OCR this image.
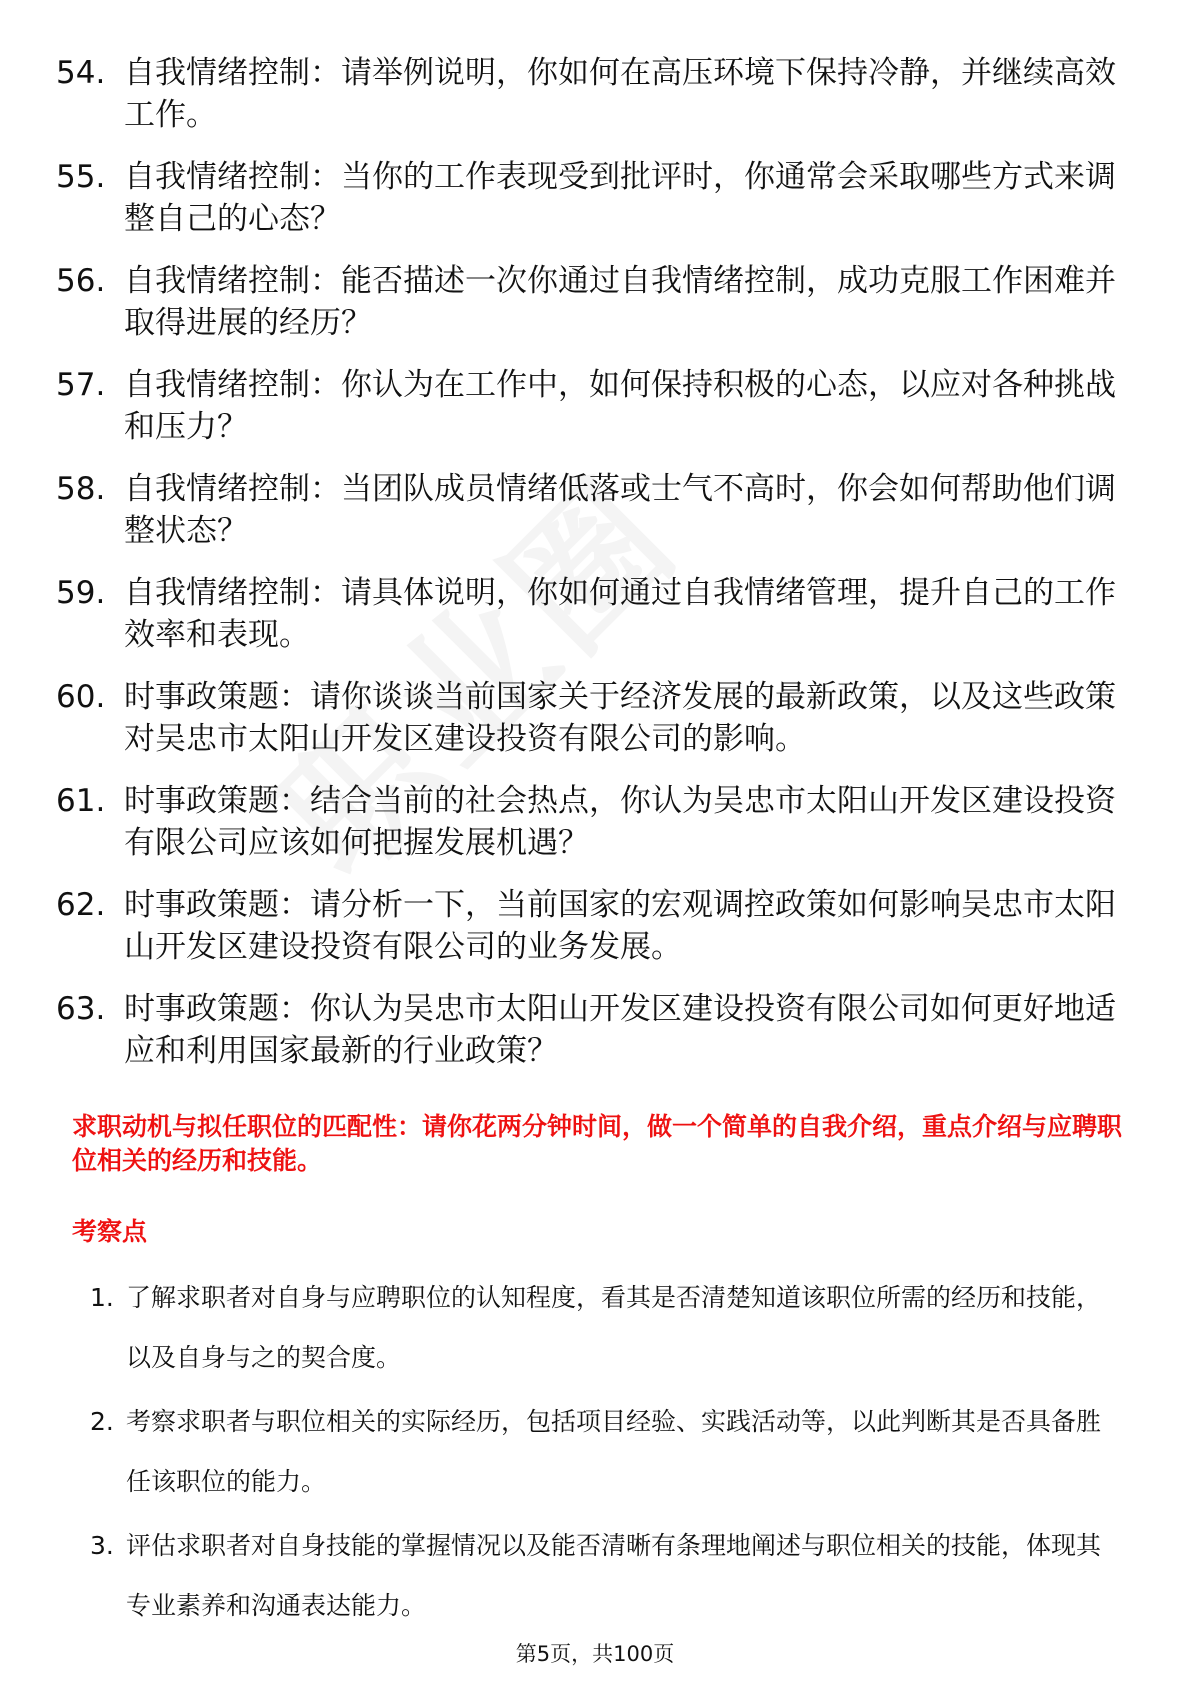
54. 自我情绪控制：请举例说明，你如何在高压环境下保持冷静，并继续高效工作。
55. 自我情绪控制：当你的工作表现受到批评时，你通常会采取哪些方式来调整自己的心态？
56. 自我情绪控制：能否描述一次你通过自我情绪控制，成功克服工作困难并取得进展的经历？
57. 自我情绪控制：你认为在工作中，如何保持积极的心态，以应对各种挑战和压力？
58. 自我情绪控制：当团队成员情绪低落或士气不高时，你会如何帮助他们调整状态？
59. 自我情绪控制：请具体说明，你如何通过自我情绪管理，提升自己的工作效率和表现。
60. 时事政策题：请你谈谈当前国家关于经济发展的最新政策，以及这些政策对吴忠市太阳山开发区建设投资有限公司的影响。
61. 时事政策题：结合当前的社会热点，你认为吴忠市太阳山开发区建设投资有限公司应该如何把握发展机遇？
62. 时事政策题：请分析一下，当前国家的宏观调控政策如何影响吴忠市太阳山开发区建设投资有限公司的业务发展。
63. 时事政策题：你认为吴忠市太阳山开发区建设投资有限公司如何更好地适应和利用国家最新的行业政策？
求职动机与拟任职位的匹配性：请你花两分钟时间，做一个简单的自我介绍，重点介绍与应聘职位相关的经历和技能。
考察点
1. 了解求职者对自身与应聘职位的认知程度，看其是否清楚知道该职位所需的经历和技能，以及自身与之的契合度。
2. 考察求职者与职位相关的实际经历，包括项目经验、实践活动等，以此判断其是否具备胜任该职位的能力。
3. 评估求职者对自身技能的掌握情况以及能否清晰有条理地阐述与职位相关的技能，体现其专业素养和沟通表达能力。
第5页，共100页
